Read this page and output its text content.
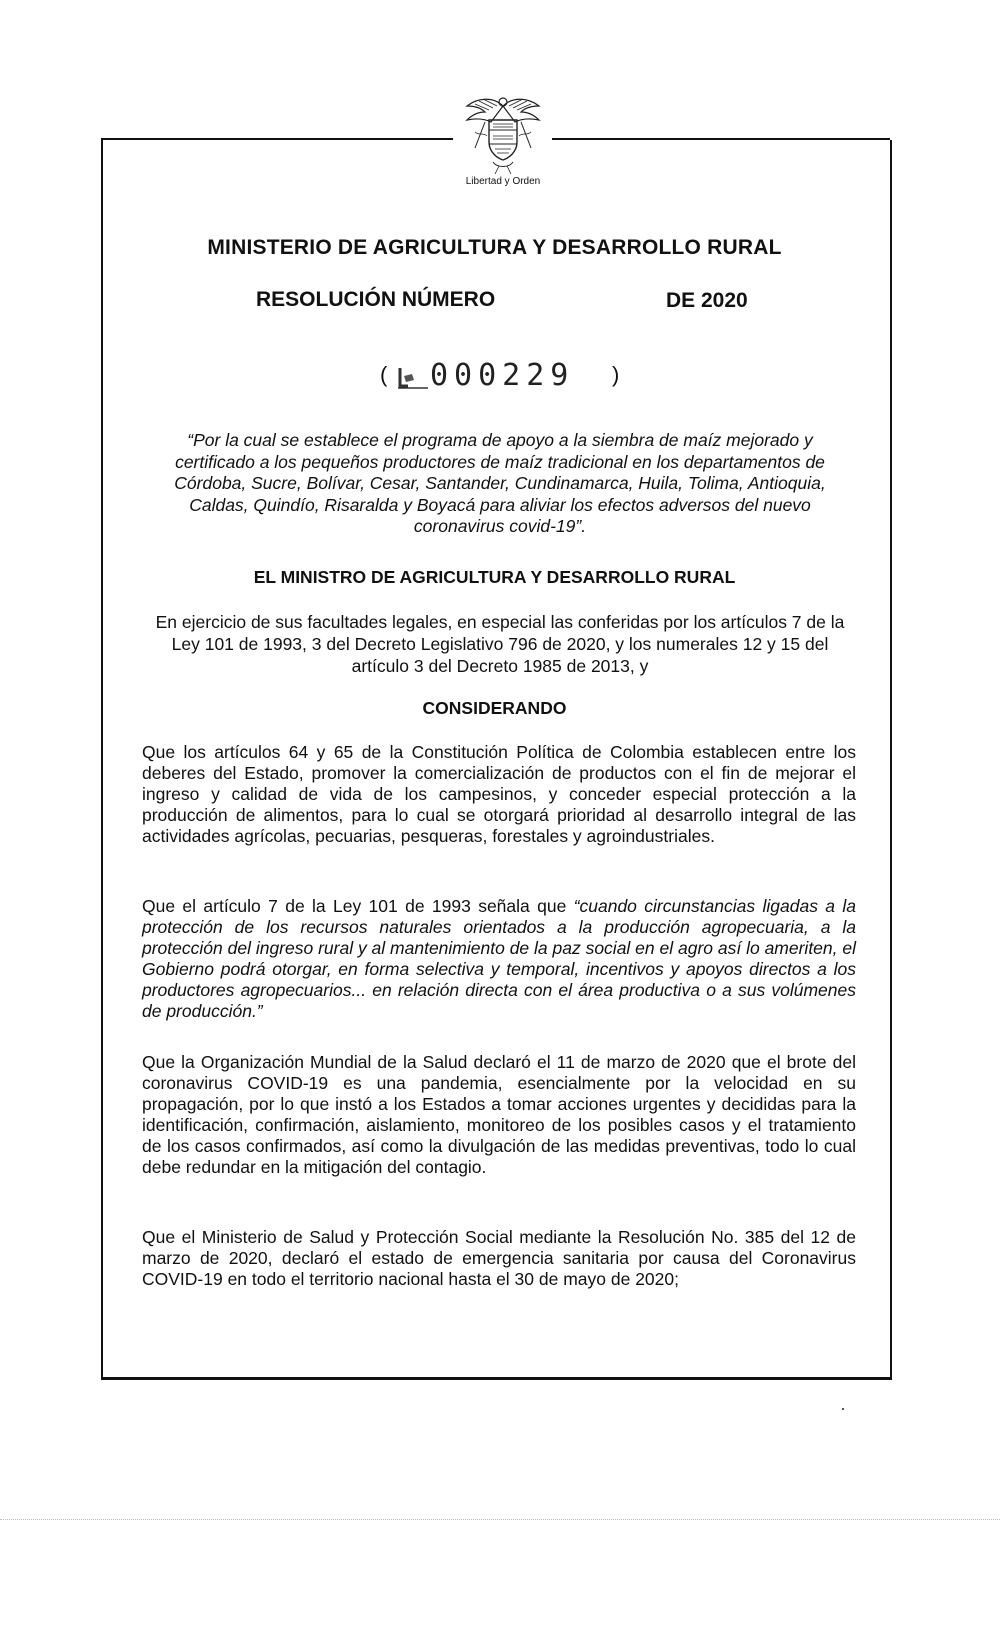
Libertad y Orden
MINISTERIO DE AGRICULTURA Y DESARROLLO RURAL
RESOLUCIÓN NÚMERO	DE 2020
( 000229 )
“Por la cual se establece el programa de apoyo a la siembra de maíz mejorado y certificado a los pequeños productores de maíz tradicional en los departamentos de Córdoba, Sucre, Bolívar, Cesar, Santander, Cundinamarca, Huila, Tolima, Antioquia, Caldas, Quindío, Risaralda y Boyacá para aliviar los efectos adversos del nuevo coronavirus covid-19”.
EL MINISTRO DE AGRICULTURA Y DESARROLLO RURAL
En ejercicio de sus facultades legales, en especial las conferidas por los artículos 7 de la Ley 101 de 1993, 3 del Decreto Legislativo 796 de 2020, y los numerales 12 y 15 del artículo 3 del Decreto 1985 de 2013, y
CONSIDERANDO
Que los artículos 64 y 65 de la Constitución Política de Colombia establecen entre los deberes del Estado, promover la comercialización de productos con el fin de mejorar el ingreso y calidad de vida de los campesinos, y conceder especial protección a la producción de alimentos, para lo cual se otorgará prioridad al desarrollo integral de las actividades agrícolas, pecuarias, pesqueras, forestales y agroindustriales.
Que el artículo 7 de la Ley 101 de 1993 señala que “cuando circunstancias ligadas a la protección de los recursos naturales orientados a la producción agropecuaria, a la protección del ingreso rural y al mantenimiento de la paz social en el agro así lo ameriten, el Gobierno podrá otorgar, en forma selectiva y temporal, incentivos y apoyos directos a los productores agropecuarios... en relación directa con el área productiva o a sus volúmenes de producción.”
Que la Organización Mundial de la Salud declaró el 11 de marzo de 2020 que el brote del coronavirus COVID-19 es una pandemia, esencialmente por la velocidad en su propagación, por lo que instó a los Estados a tomar acciones urgentes y decididas para la identificación, confirmación, aislamiento, monitoreo de los posibles casos y el tratamiento de los casos confirmados, así como la divulgación de las medidas preventivas, todo lo cual debe redundar en la mitigación del contagio.
Que el Ministerio de Salud y Protección Social mediante la Resolución No. 385 del 12 de marzo de 2020, declaró el estado de emergencia sanitaria por causa del Coronavirus COVID-19 en todo el territorio nacional hasta el 30 de mayo de 2020;
